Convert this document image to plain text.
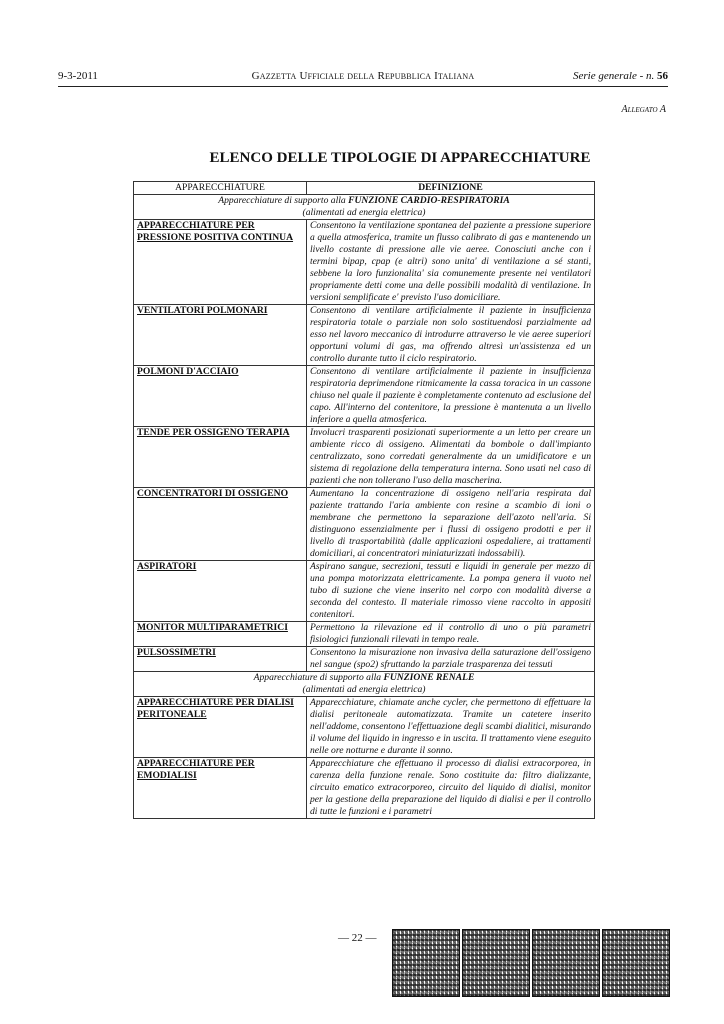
9-3-2011	Gazzetta Ufficiale della Repubblica Italiana	Serie generale - n. 56
Allegato A
ELENCO DELLE TIPOLOGIE DI APPARECCHIATURE
APPARECCHIATURE	DEFINIZIONE
Apparecchiature di supporto alla FUNZIONE CARDIO-RESPIRATORIA
(alimentati ad energia elettrica)	
APPARECCHIATURE PER PRESSIONE POSITIVA CONTINUA	Consentono la ventilazione spontanea del paziente a pressione superiore a quella atmosferica, tramite un flusso calibrato di gas e mantenendo un livello costante di pressione alle vie aeree. Conosciuti anche con i termini bipap, cpap (e altri) sono unita' di ventilazione a sé stanti, sebbene la loro funzionalita' sia comunemente presente nei ventilatori propriamente detti come una delle possibili modalità di ventilazione. In versioni semplificate e' previsto l'uso domiciliare.
VENTILATORI POLMONARI	Consentono di ventilare artificialmente il paziente in insufficienza respiratoria totale o parziale non solo sostituendosi parzialmente ad esso nel lavoro meccanico di introdurre attraverso le vie aeree superiori opportuni volumi di gas, ma offrendo altresì un'assistenza ed un controllo durante tutto il ciclo respiratorio.
POLMONI D'ACCIAIO	Consentono di ventilare artificialmente il paziente in insufficienza respiratoria deprimendone ritmicamente la cassa toracica in un cassone chiuso nel quale il paziente è completamente contenuto ad esclusione del capo. All'interno del contenitore, la pressione è mantenuta a un livello inferiore a quella atmosferica.
TENDE PER OSSIGENO TERAPIA	Involucri trasparenti posizionati superiormente a un letto per creare un ambiente ricco di ossigeno. Alimentati da bombole o dall'impianto centralizzato, sono corredati generalmente da un umidificatore e un sistema di regolazione della temperatura interna. Sono usati nel caso di pazienti che non tollerano l'uso della mascherina.
CONCENTRATORI DI OSSIGENO	Aumentano la concentrazione di ossigeno nell'aria respirata dal paziente trattando l'aria ambiente con resine a scambio di ioni o membrane che permettono la separazione dell'azoto nell'aria. Si distinguono essenzialmente per i flussi di ossigeno prodotti e per il livello di trasportabilità (dalle applicazioni ospedaliere, ai trattamenti domiciliari, ai concentratori miniaturizzati indossabili).
ASPIRATORI	Aspirano sangue, secrezioni, tessuti e liquidi in generale per mezzo di una pompa motorizzata elettricamente. La pompa genera il vuoto nel tubo di suzione che viene inserito nel corpo con modalità diverse a seconda del contesto. Il materiale rimosso viene raccolto in appositi contenitori.
MONITOR MULTIPARAMETRICI	Permettono la rilevazione ed il controllo di uno o più parametri fisiologici funzionali rilevati in tempo reale.
PULSOSSIMETRI	Consentono la misurazione non invasiva della saturazione dell'ossigeno nel sangue (spo2) sfruttando la parziale trasparenza dei tessuti
Apparecchiature di supporto alla FUNZIONE RENALE
(alimentati ad energia elettrica)	
APPARECCHIATURE PER DIALISI PERITONEALE	Apparecchiature, chiamate anche cycler, che permettono di effettuare la dialisi peritoneale automatizzata. Tramite un catetere inserito nell'addome, consentono l'effettuazione degli scambi dialitici, misurando il volume del liquido in ingresso e in uscita. Il trattamento viene eseguito nelle ore notturne e durante il sonno.
APPARECCHIATURE PER EMODIALISI	Apparecchiature che effettuano il processo di dialisi extracorporea, in carenza della funzione renale. Sono costituite da: filtro dializzante, circuito ematico extracorporeo, circuito del liquido di dialisi, monitor per la gestione della preparazione del liquido di dialisi e per il controllo di tutte le funzioni e i parametri
— 22 —
